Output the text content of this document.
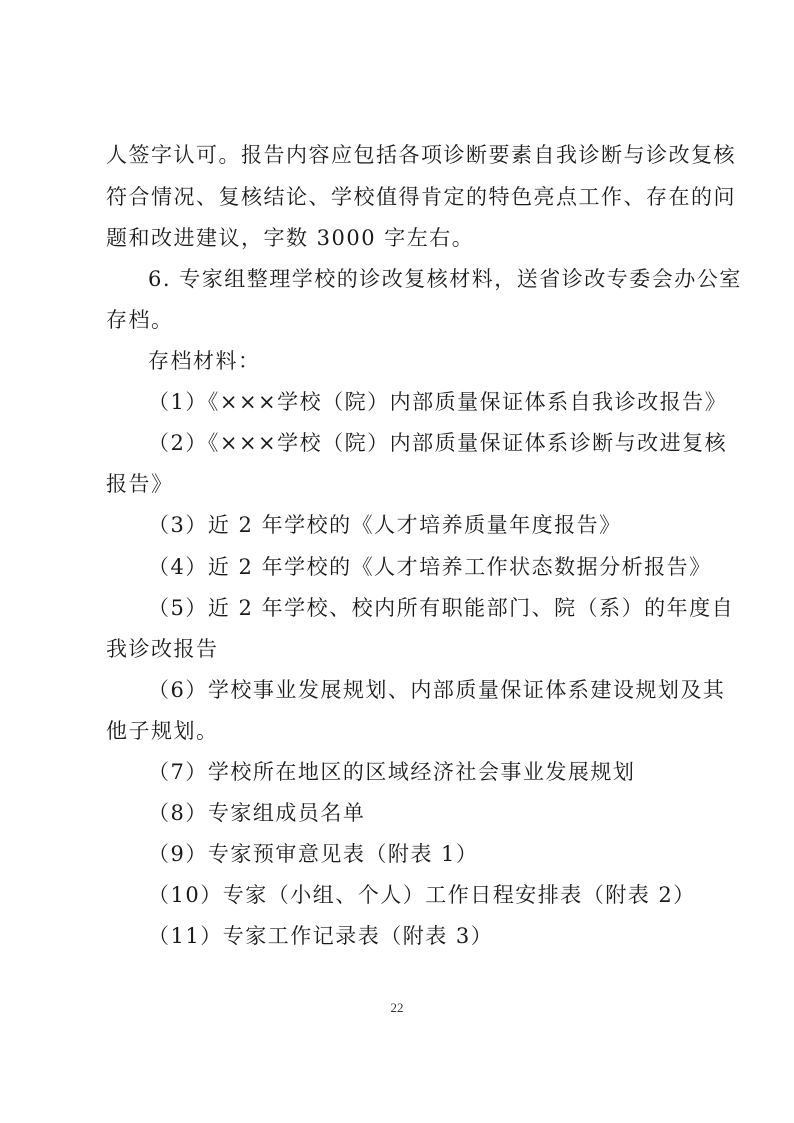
人签字认可。报告内容应包括各项诊断要素自我诊断与诊改复核
符合情况、复核结论、学校值得肯定的特色亮点工作、存在的问
题和改进建议，字数 3000 字左右。
6. 专家组整理学校的诊改复核材料，送省诊改专委会办公室
存档。
存档材料：
（1）《×××学校（院）内部质量保证体系自我诊改报告》
（2）《×××学校（院）内部质量保证体系诊断与改进复核
报告》
（3）近 2 年学校的《人才培养质量年度报告》
（4）近 2 年学校的《人才培养工作状态数据分析报告》
（5）近 2 年学校、校内所有职能部门、院（系）的年度自
我诊改报告
（6）学校事业发展规划、内部质量保证体系建设规划及其
他子规划。
（7）学校所在地区的区域经济社会事业发展规划
（8）专家组成员名单
（9）专家预审意见表（附表 1）
（10）专家（小组、个人）工作日程安排表（附表 2）
（11）专家工作记录表（附表 3）
22
